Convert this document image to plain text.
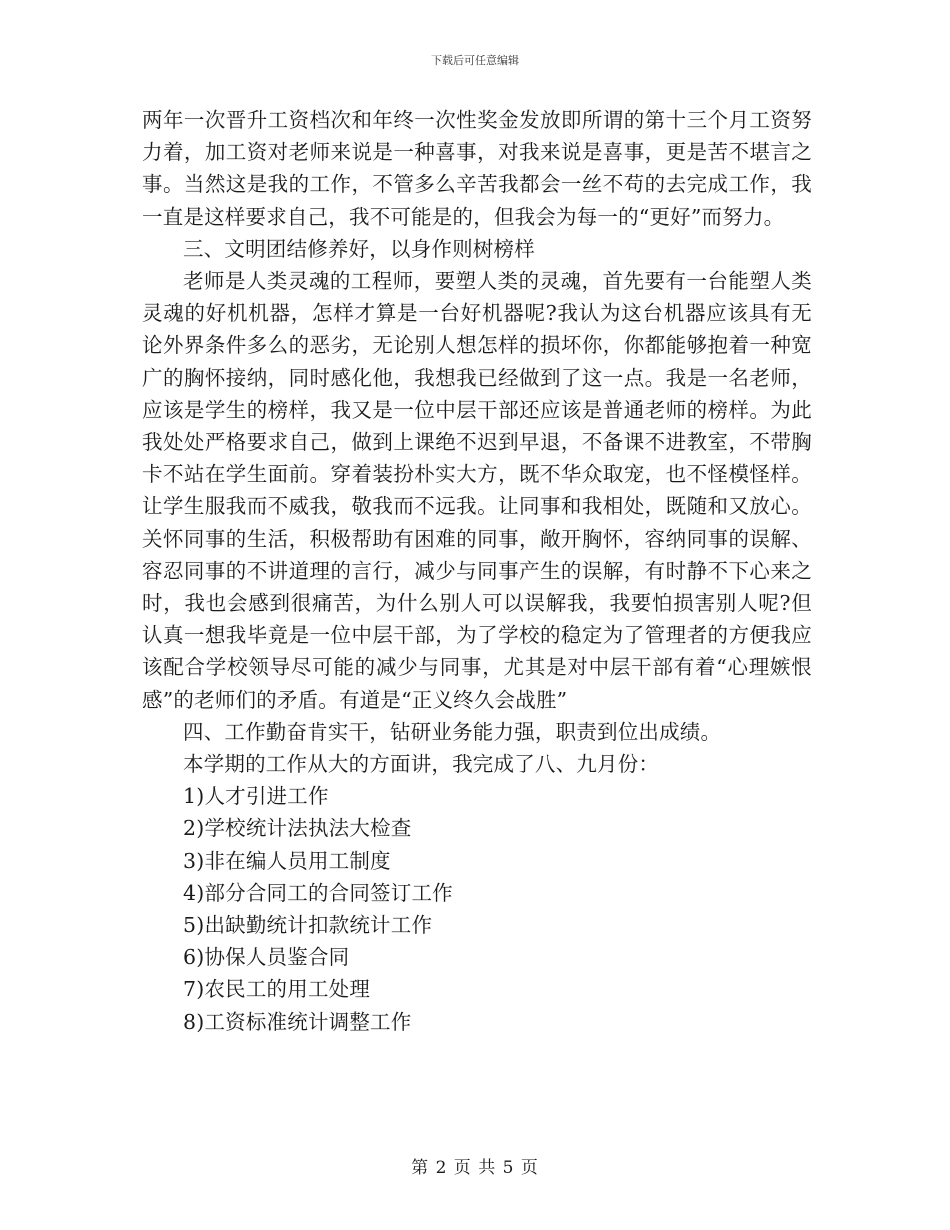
下载后可任意编辑

两年一次晋升工资档次和年终一次性奖金发放即所谓的第十三个月工资努力着，加工资对老师来说是一种喜事，对我来说是喜事，更是苦不堪言之事。当然这是我的工作，不管多么辛苦我都会一丝不苟的去完成工作，我一直是这样要求自己，我不可能是的，但我会为每一的“更好”而努力。

三、文明团结修养好，以身作则树榜样

老师是人类灵魂的工程师，要塑人类的灵魂，首先要有一台能塑人类灵魂的好机机器，怎样才算是一台好机器呢?我认为这台机器应该具有无论外界条件多么的恶劣，无论别人想怎样的损坏你，你都能够抱着一种宽广的胸怀接纳，同时感化他，我想我已经做到了这一点。我是一名老师，应该是学生的榜样，我又是一位中层干部还应该是普通老师的榜样。为此我处处严格要求自己，做到上课绝不迟到早退，不备课不进教室，不带胸卡不站在学生面前。穿着装扮朴实大方，既不华众取宠，也不怪模怪样。让学生服我而不威我，敬我而不远我。让同事和我相处，既随和又放心。关怀同事的生活，积极帮助有困难的同事，敞开胸怀，容纳同事的误解、容忍同事的不讲道理的言行，减少与同事产生的误解，有时静不下心来之时，我也会感到很痛苦，为什么别人可以误解我，我要怕损害别人呢?但认真一想我毕竟是一位中层干部，为了学校的稳定为了管理者的方便我应该配合学校领导尽可能的减少与同事，尤其是对中层干部有着“心理嫉恨感”的老师们的矛盾。有道是“正义终久会战胜”

四、工作勤奋肯实干，钻研业务能力强，职责到位出成绩。

本学期的工作从大的方面讲，我完成了八、九月份：

1)人才引进工作

2)学校统计法执法大检查

3)非在编人员用工制度

4)部分合同工的合同签订工作

5)出缺勤统计扣款统计工作

6)协保人员鉴合同

7)农民工的用工处理

8)工资标准统计调整工作

第 2 页 共 5 页
